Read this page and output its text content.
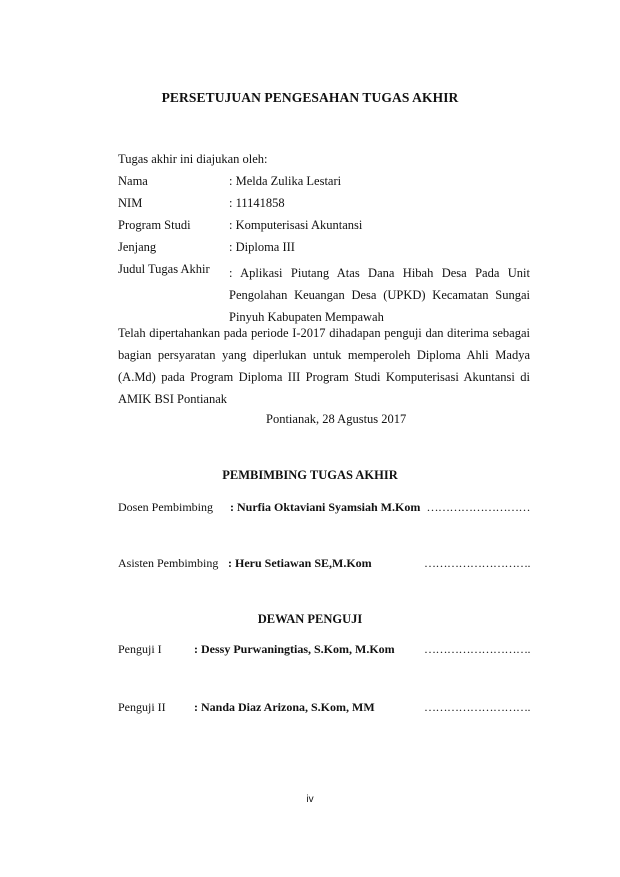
PERSETUJUAN PENGESAHAN TUGAS AKHIR
Tugas akhir ini diajukan oleh:
Nama	: Melda Zulika Lestari
NIM	: 11141858
Program Studi	: Komputerisasi Akuntansi
Jenjang	: Diploma III
Judul Tugas Akhir : Aplikasi Piutang Atas Dana Hibah Desa Pada Unit
Pengolahan Keuangan Desa (UPKD) Kecamatan Sungai
Pinyuh Kabupaten Mempawah
Telah dipertahankan pada periode I-2017 dihadapan penguji dan diterima sebagai
bagian persyaratan yang diperlukan untuk memperoleh Diploma Ahli Madya
(A.Md) pada Program Diploma III Program Studi Komputerisasi Akuntansi di
AMIK BSI Pontianak
Pontianak, 28 Agustus 2017
PEMBIMBING TUGAS AKHIR
Dosen Pembimbing : Nurfia Oktaviani Syamsiah M.Kom ………………………
Asisten Pembimbing : Heru Setiawan SE,M.Kom	……………………….
DEWAN PENGUJI
Penguji I	: Dessy Purwaningtias, S.Kom, M.Kom ……………………….
Penguji II : Nanda Diaz Arizona, S.Kom, MM	……………………….
iv
